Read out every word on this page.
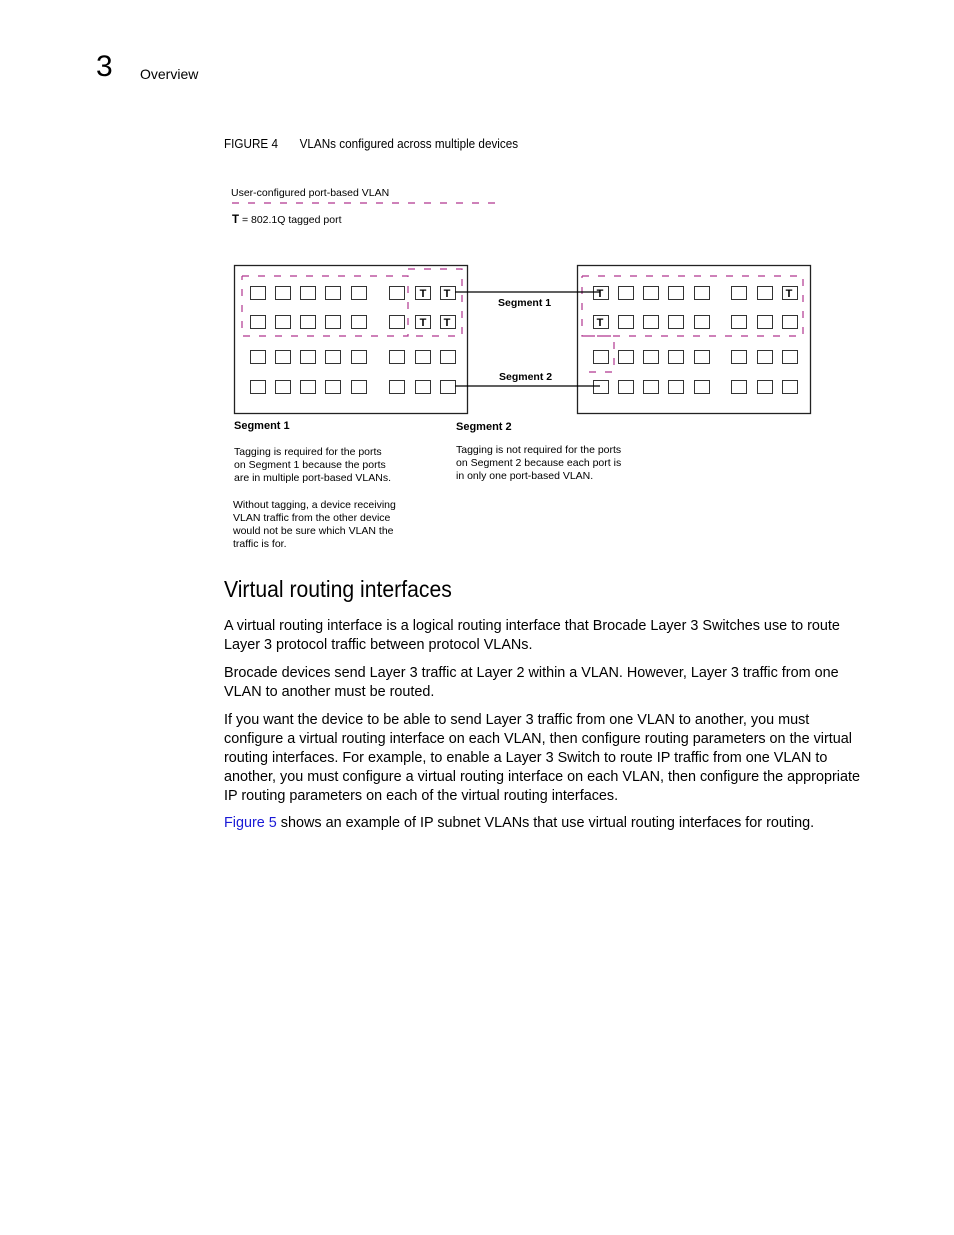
3 Overview
FIGURE 4 VLANs configured across multiple devices
User-configured port-based VLAN
T = 802.1Q tagged port
T T
T T
T
T
T
Segment 1
Segment 2
Segment 1
Tagging is required for the ports
on Segment 1 because the ports
are in multiple port-based VLANs.
Without tagging, a device receiving
VLAN traffic from the other device
would not be sure which VLAN the
traffic is for.
Segment 2
Tagging is not required for the ports
on Segment 2 because each port is
in only one port-based VLAN.
Virtual routing interfaces

A virtual routing interface is a logical routing interface that Brocade Layer 3 Switches use to route Layer 3 protocol traffic between protocol VLANs.

Brocade devices send Layer 3 traffic at Layer 2 within a VLAN. However, Layer 3 traffic from one VLAN to another must be routed.

If you want the device to be able to send Layer 3 traffic from one VLAN to another, you must configure a virtual routing interface on each VLAN, then configure routing parameters on the virtual routing interfaces. For example, to enable a Layer 3 Switch to route IP traffic from one VLAN to another, you must configure a virtual routing interface on each VLAN, then configure the appropriate IP routing parameters on each of the virtual routing interfaces.

Figure 5 shows an example of IP subnet VLANs that use virtual routing interfaces for routing.
